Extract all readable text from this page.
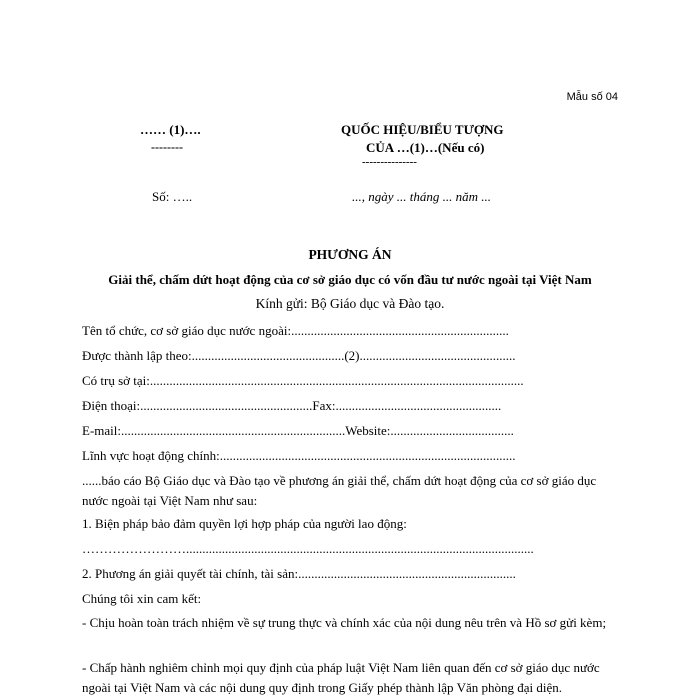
Mẫu số 04
…… (1)….
--------
QUỐC HIỆU/BIỂU TƯỢNG
CỦA …(1)…(Nếu có)
---------------
Số: …..	..., ngày ... tháng ... năm ...
PHƯƠNG ÁN
Giải thể, chấm dứt hoạt động của cơ sở giáo dục có vốn đầu tư nước ngoài tại Việt Nam
Kính gửi: Bộ Giáo dục và Đào tạo.
Tên tổ chức, cơ sở giáo dục nước ngoài:...................................................................
Được thành lập theo:...............................................(2)................................................
Có trụ sở tại:...................................................................................................................
Điện thoại:.....................................................Fax:...................................................
E-mail:.....................................................................Website:......................................
Lĩnh vực hoạt động chính:...........................................................................................
......báo cáo Bộ Giáo dục và Đào tạo về phương án giải thể, chấm dứt hoạt động của cơ sở giáo dục nước ngoài tại Việt Nam như sau:
1. Biện pháp bảo đảm quyền lợi hợp pháp của người lao động:
……………………...........................................................................................................
2. Phương án giải quyết tài chính, tài sản:...................................................................
Chúng tôi xin cam kết:
- Chịu hoàn toàn trách nhiệm về sự trung thực và chính xác của nội dung nêu trên và Hồ sơ gửi kèm;
- Chấp hành nghiêm chỉnh mọi quy định của pháp luật Việt Nam liên quan đến cơ sở giáo dục nước ngoài tại Việt Nam và các nội dung quy định trong Giấy phép thành lập Văn phòng đại diện.
